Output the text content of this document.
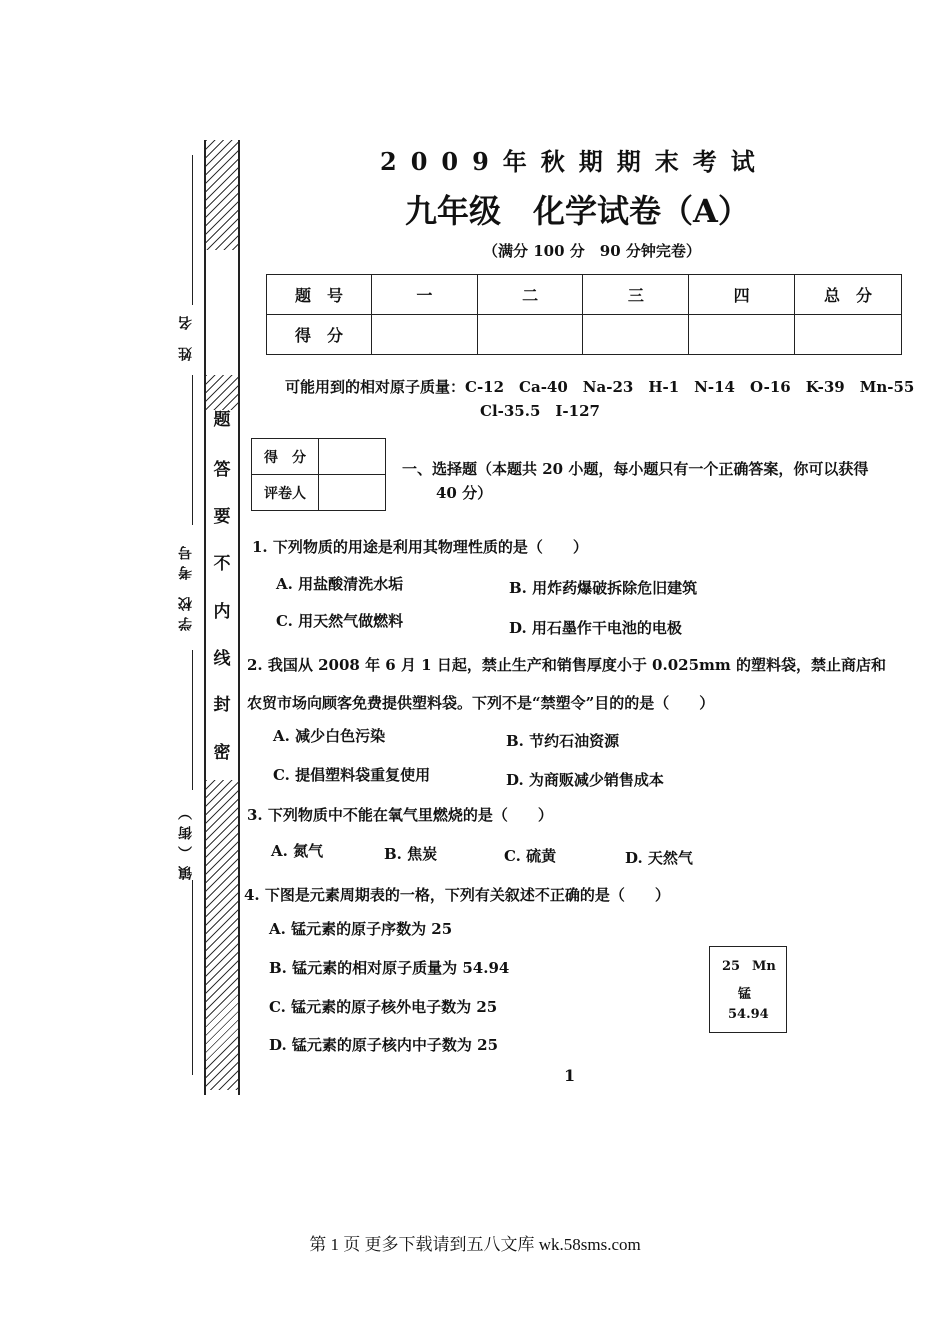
题
答
要
不
内
线
封
密
姓 名
学校 考号
镇（街）
2009年秋期期末考试
九年级　化学试卷（A）
（满分 100 分　90 分钟完卷）
题　号	一	二	三	四	总　分
得　分					
可能用到的相对原子质量：C-12　Ca-40　Na-23　H-1　N-14　O-16　K-39　Mn-55
Cl-35.5　I-127
得　分	
评卷人	
一、选择题（本题共 20 小题，每小题只有一个正确答案，你可以获得
40 分）
1. 下列物质的用途是利用其物理性质的是（　　）
A. 用盐酸清洗水垢	B. 用炸药爆破拆除危旧建筑
C. 用天然气做燃料	D. 用石墨作干电池的电极
2. 我国从 2008 年 6 月 1 日起，禁止生产和销售厚度小于 0.025mm 的塑料袋，禁止商店和
农贸市场向顾客免费提供塑料袋。下列不是“禁塑令”目的的是（　　）
A. 减少白色污染	B. 节约石油资源
C. 提倡塑料袋重复使用	D. 为商贩减少销售成本
3. 下列物质中不能在氧气里燃烧的是（　　）
A. 氮气	B. 焦炭	C. 硫黄	D. 天然气
4. 下图是元素周期表的一格，下列有关叙述不正确的是（　　）
A. 锰元素的原子序数为 25
B. 锰元素的相对原子质量为 54.94
C. 锰元素的原子核外电子数为 25
D. 锰元素的原子核内中子数为 25
25 Mn
锰
54.94
1
第 1 页 更多下载请到五八文库 wk.58sms.com
